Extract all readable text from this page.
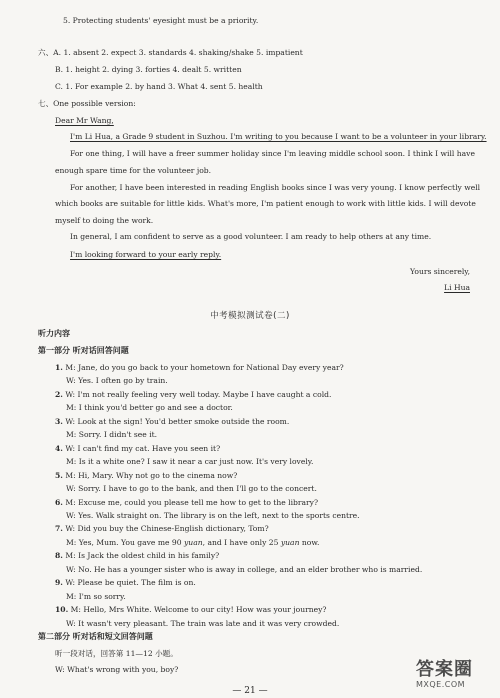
5. Protecting students' eyesight must be a priority.
六、A. 1. absent 2. expect 3. standards 4. shaking/shake 5. impatient
B. 1. height 2. dying 3. forties 4. dealt 5. written
C. 1. For example 2. by hand 3. What 4. sent 5. health
七、One possible version:
Dear Mr Wang,
I'm Li Hua, a Grade 9 student in Suzhou. I'm writing to you because I want to be a volunteer in your library.
For one thing, I will have a freer summer holiday since I'm leaving middle school soon. I think I will have
enough spare time for the volunteer job.
For another, I have been interested in reading English books since I was very young. I know perfectly well
which books are suitable for little kids. What's more, I'm patient enough to work with little kids. I will devote
myself to doing the work.
In general, I am confident to serve as a good volunteer. I am ready to help others at any time.
I'm looking forward to your early reply.
Yours sincerely,
Li Hua
中考模拟测试卷(二)
听力内容
第一部分 听对话回答问题
1. M: Jane, do you go back to your hometown for National Day every year?
W: Yes. I often go by train.
2. W: I'm not really feeling very well today. Maybe I have caught a cold.
M: I think you'd better go and see a doctor.
3. W: Look at the sign! You'd better smoke outside the room.
M: Sorry. I didn't see it.
4. W: I can't find my cat. Have you seen it?
M: Is it a white one? I saw it near a car just now. It's very lovely.
5. M: Hi, Mary. Why not go to the cinema now?
W: Sorry. I have to go to the bank, and then I'll go to the concert.
6. M: Excuse me, could you please tell me how to get to the library?
W: Yes. Walk straight on. The library is on the left, next to the sports centre.
7. W: Did you buy the Chinese-English dictionary, Tom?
M: Yes, Mum. You gave me 90 yuan, and I have only 25 yuan now.
8. M: Is Jack the oldest child in his family?
W: No. He has a younger sister who is away in college, and an elder brother who is married.
9. W: Please be quiet. The film is on.
M: I'm so sorry.
10. M: Hello, Mrs White. Welcome to our city! How was your journey?
W: It wasn't very pleasant. The train was late and it was very crowded.
第二部分 听对话和短文回答问题
听一段对话，回答第 11—12 小题。
W: What's wrong with you, boy?
— 21 —
答案圈
MXQE.COM
